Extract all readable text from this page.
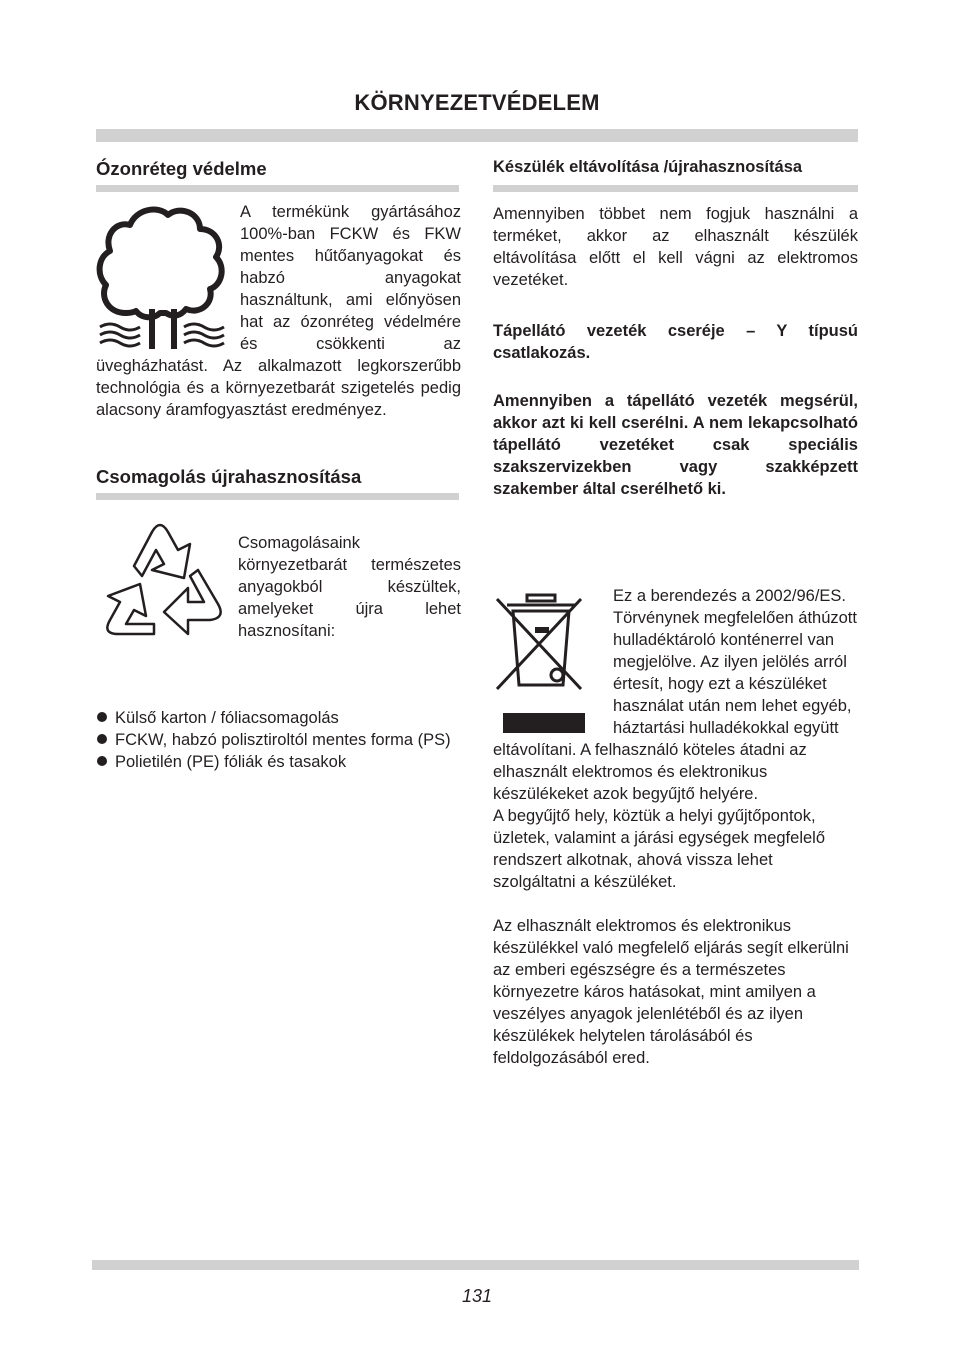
KÖRNYEZETVÉDELEM
Ózonréteg védelme

A termékünk gyártásához 100%-ban FCKW és FKW mentes hűtőanyagokat és habzó anyagokat használtunk, ami előnyösen hat az ózonréteg védelmére és csökkenti az üvegházhatást. Az alkalmazott legkorszerűbb technológia és a környezetbarát szigetelés pedig alacsony áramfogyasztást eredményez.

Csomagolás újrahasznosítása

Csomagolásaink környezetbarát természetes anyagokból készültek, amelyeket újra lehet hasznosítani:

Külső karton / fóliacsomagolás
FCKW, habzó polisztiroltól mentes forma (PS)
Polietilén (PE) fóliák és tasakok
Készülék eltávolítása /újrahasznosítása

Amennyiben többet nem fogjuk használni a terméket, akkor az elhasznált készülék eltávolítása előtt el kell vágni az elektromos vezetéket.

Tápellátó vezeték cseréje – Y típusú csatlakozás.

Amennyiben a tápellátó vezeték megsérül, akkor azt ki kell cserélni. A nem lekapcsolható tápellátó vezetéket csak speciális szakszervizekben vagy szakképzett szakember által cserélhető ki.

Ez a berendezés a 2002/96/ES. Törvénynek megfelelően áthúzott hulladéktároló konténerrel van megjelölve. Az ilyen jelölés arról értesít, hogy ezt a készüléket használat után nem lehet egyéb, háztartási hulladékokkal együtt eltávolítani. A felhasználó köteles átadni az elhasznált elektromos és elektronikus készülékeket azok begyűjtő helyére.

A begyűjtő hely, köztük a helyi gyűjtőpontok, üzletek, valamint a járási egységek megfelelő rendszert alkotnak, ahová vissza lehet szolgáltatni a készüléket.

Az elhasznált elektromos és elektronikus készülékkel való megfelelő eljárás segít elkerülni az emberi egészségre és a természetes környezetre káros hatásokat, mint amilyen a veszélyes anyagok jelenlétéből és az ilyen készülékek helytelen tárolásából és feldolgozásából ered.

131
